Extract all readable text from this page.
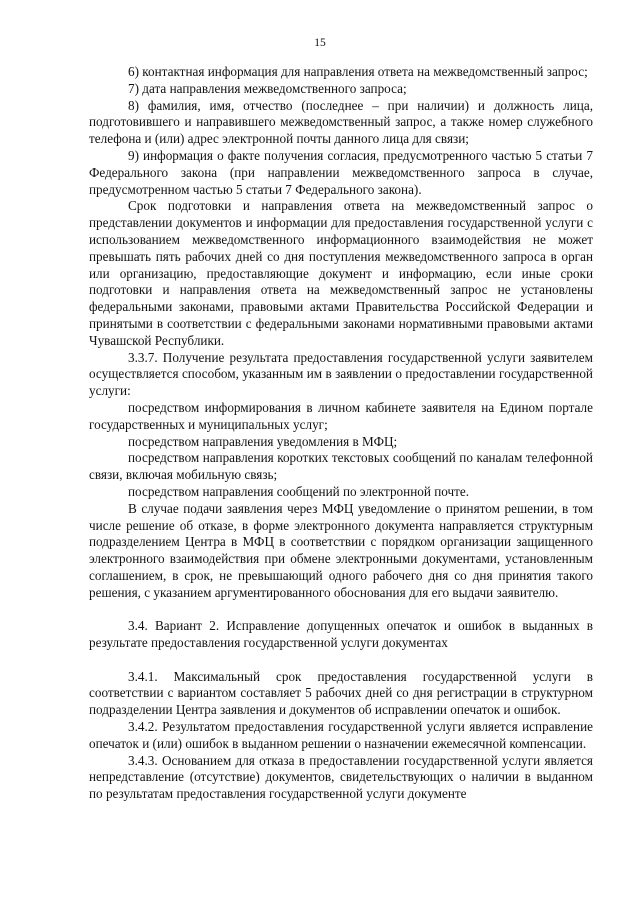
15

6) контактная информация для направления ответа на межведомственный запрос;

7) дата направления межведомственного запроса;

8) фамилия, имя, отчество (последнее – при наличии) и должность лица, подготовившего и направившего межведомственный запрос, а также номер служебного телефона и (или) адрес электронной почты данного лица для связи;

9) информация о факте получения согласия, предусмотренного частью 5 статьи 7 Федерального закона (при направлении межведомственного запроса в случае, предусмотренном частью 5 статьи 7 Федерального закона).

Срок подготовки и направления ответа на межведомственный запрос о представлении документов и информации для предоставления государственной услуги с использованием межведомственного информационного взаимодействия не может превышать пять рабочих дней со дня поступления межведомственного запроса в орган или организацию, предоставляющие документ и информацию, если иные сроки подготовки и направления ответа на межведомственный запрос не установлены федеральными законами, правовыми актами Правительства Российской Федерации и принятыми в соответствии с федеральными законами нормативными правовыми актами Чувашской Республики.

3.3.7. Получение результата предоставления государственной услуги заявителем осуществляется способом, указанным им в заявлении о предоставлении государственной услуги:

посредством информирования в личном кабинете заявителя на Едином портале государственных и муниципальных услуг;

посредством направления уведомления в МФЦ;

посредством направления коротких текстовых сообщений по каналам телефонной связи, включая мобильную связь;

посредством направления сообщений по электронной почте.

В случае подачи заявления через МФЦ уведомление о принятом решении, в том числе решение об отказе, в форме электронного документа направляется структурным подразделением Центра в МФЦ в соответствии с порядком организации защищенного электронного взаимодействия при обмене электронными документами, установленным соглашением, в срок, не превышающий одного рабочего дня со дня принятия такого решения, с указанием аргументированного обоснования для его выдачи заявителю.

3.4. Вариант 2. Исправление допущенных опечаток и ошибок в выданных в результате предоставления государственной услуги документах

3.4.1. Максимальный срок предоставления государственной услуги в соответствии с вариантом составляет 5 рабочих дней со дня регистрации в структурном подразделении Центра заявления и документов об исправлении опечаток и ошибок.

3.4.2. Результатом предоставления государственной услуги является исправление опечаток и (или) ошибок в выданном решении о назначении ежемесячной компенсации.

3.4.3. Основанием для отказа в предоставлении государственной услуги является непредставление (отсутствие) документов, свидетельствующих о наличии в выданном по результатам предоставления государственной услуги документе
